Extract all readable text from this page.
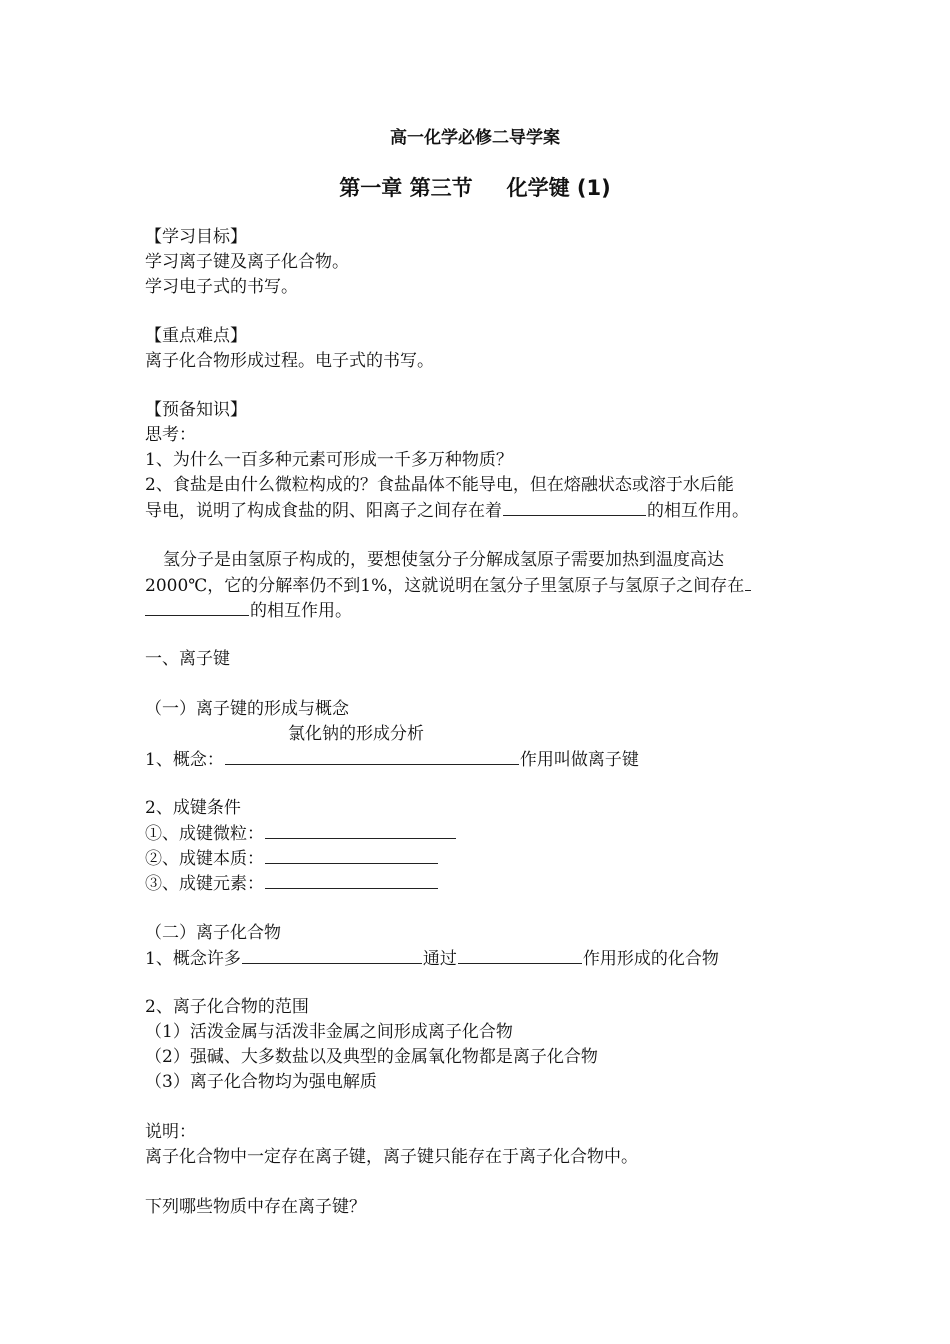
高一化学必修二导学案
第一章 第三节 化学键 (1)
【学习目标】
学习离子键及离子化合物。
学习电子式的书写。
【重点难点】
离子化合物形成过程。电子式的书写。
【预备知识】
思考：
1、为什么一百多种元素可形成一千多万种物质？
2、食盐是由什么微粒构成的？食盐晶体不能导电，但在熔融状态或溶于水后能
导电，说明了构成食盐的阴、阳离子之间存在着	的相互作用。
氢分子是由氢原子构成的，要想使氢分子分解成氢原子需要加热到温度高达
2000℃，它的分解率仍不到1%，这就说明在氢分子里氢原子与氢原子之间存在
的相互作用。
一、离子键
（一）离子键的形成与概念
氯化钠的形成分析
1、概念：	作用叫做离子键
2、成键条件
①、成键微粒：
②、成键本质：
③、成键元素：
（二）离子化合物
1、概念许多	通过	作用形成的化合物
2、离子化合物的范围
（1）活泼金属与活泼非金属之间形成离子化合物
（2）强碱、大多数盐以及典型的金属氧化物都是离子化合物
（3）离子化合物均为强电解质
说明：
离子化合物中一定存在离子键，离子键只能存在于离子化合物中。
下列哪些物质中存在离子键？
